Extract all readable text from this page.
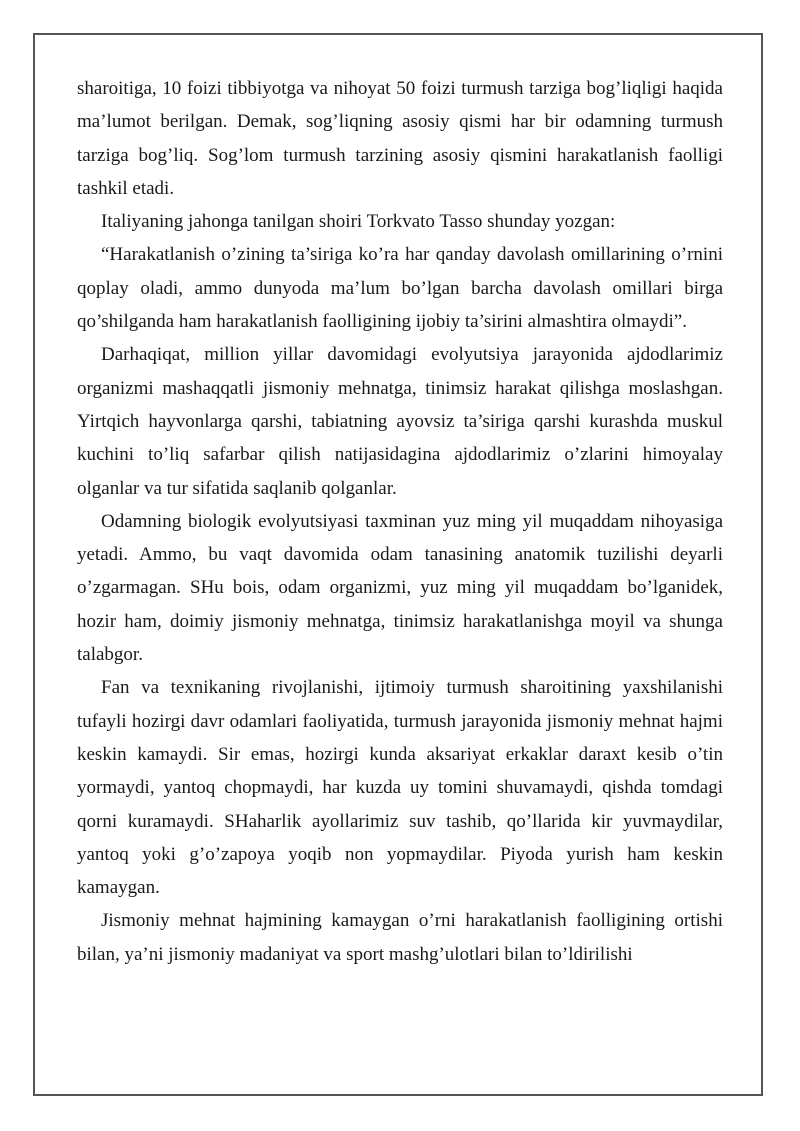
sharoitiga, 10 foizi tibbiyotga va nihoyat 50 foizi turmush tarziga bog’liqligi haqida ma’lumot berilgan. Demak, sog’liqning asosiy qismi har bir odamning turmush tarziga bog’liq. Sog’lom turmush tarzining asosiy qismini harakatlanish faolligi tashkil etadi.

Italiyaning jahonga tanilgan shoiri Torkvato Tasso shunday yozgan:

“Harakatlanish o’zining ta’siriga ko’ra har qanday davolash omillarining o’rnini qoplay oladi, ammo dunyoda ma’lum bo’lgan barcha davolash omillari birga qo’shilganda ham harakatlanish faolligining ijobiy ta’sirini almashtira olmaydi”.

Darhaqiqat, million yillar davomidagi evolyutsiya jarayonida ajdodlarimiz organizmi mashaqqatli jismoniy mehnatga, tinimsiz harakat qilishga moslashgan. Yirtqich hayvonlarga qarshi, tabiatning ayovsiz ta’siriga qarshi kurashda muskul kuchini to’liq safarbar qilish natijasidagina ajdodlarimiz o’zlarini himoyalay olganlar va tur sifatida saqlanib qolganlar.

Odamning biologik evolyutsiyasi taxminan yuz ming yil muqaddam nihoyasiga yetadi. Ammo, bu vaqt davomida odam tanasining anatomik tuzilishi deyarli o’zgarmagan. SHu bois, odam organizmi, yuz ming yil muqaddam bo’lganidek, hozir ham, doimiy jismoniy mehnatga, tinimsiz harakatlanishga moyil va shunga talabgor.

Fan va texnikaning rivojlanishi, ijtimoiy turmush sharoitining yaxshilanishi tufayli hozirgi davr odamlari faoliyatida, turmush jarayonida jismoniy mehnat hajmi keskin kamaydi. Sir emas, hozirgi kunda aksariyat erkaklar daraxt kesib o’tin yormaydi, yantoq chopmaydi, har kuzda uy tomini shuvamaydi, qishda tomdagi qorni kuramaydi. SHaharlik ayollarimiz suv tashib, qo’llarida kir yuvmaydilar, yantoq yoki g’o’zapoya yoqib non yopmaydilar. Piyoda yurish ham keskin kamaygan.

Jismoniy mehnat hajmining kamaygan o’rni harakatlanish faolligining ortishi bilan, ya’ni jismoniy madaniyat va sport mashg’ulotlari bilan to’ldirilishi
